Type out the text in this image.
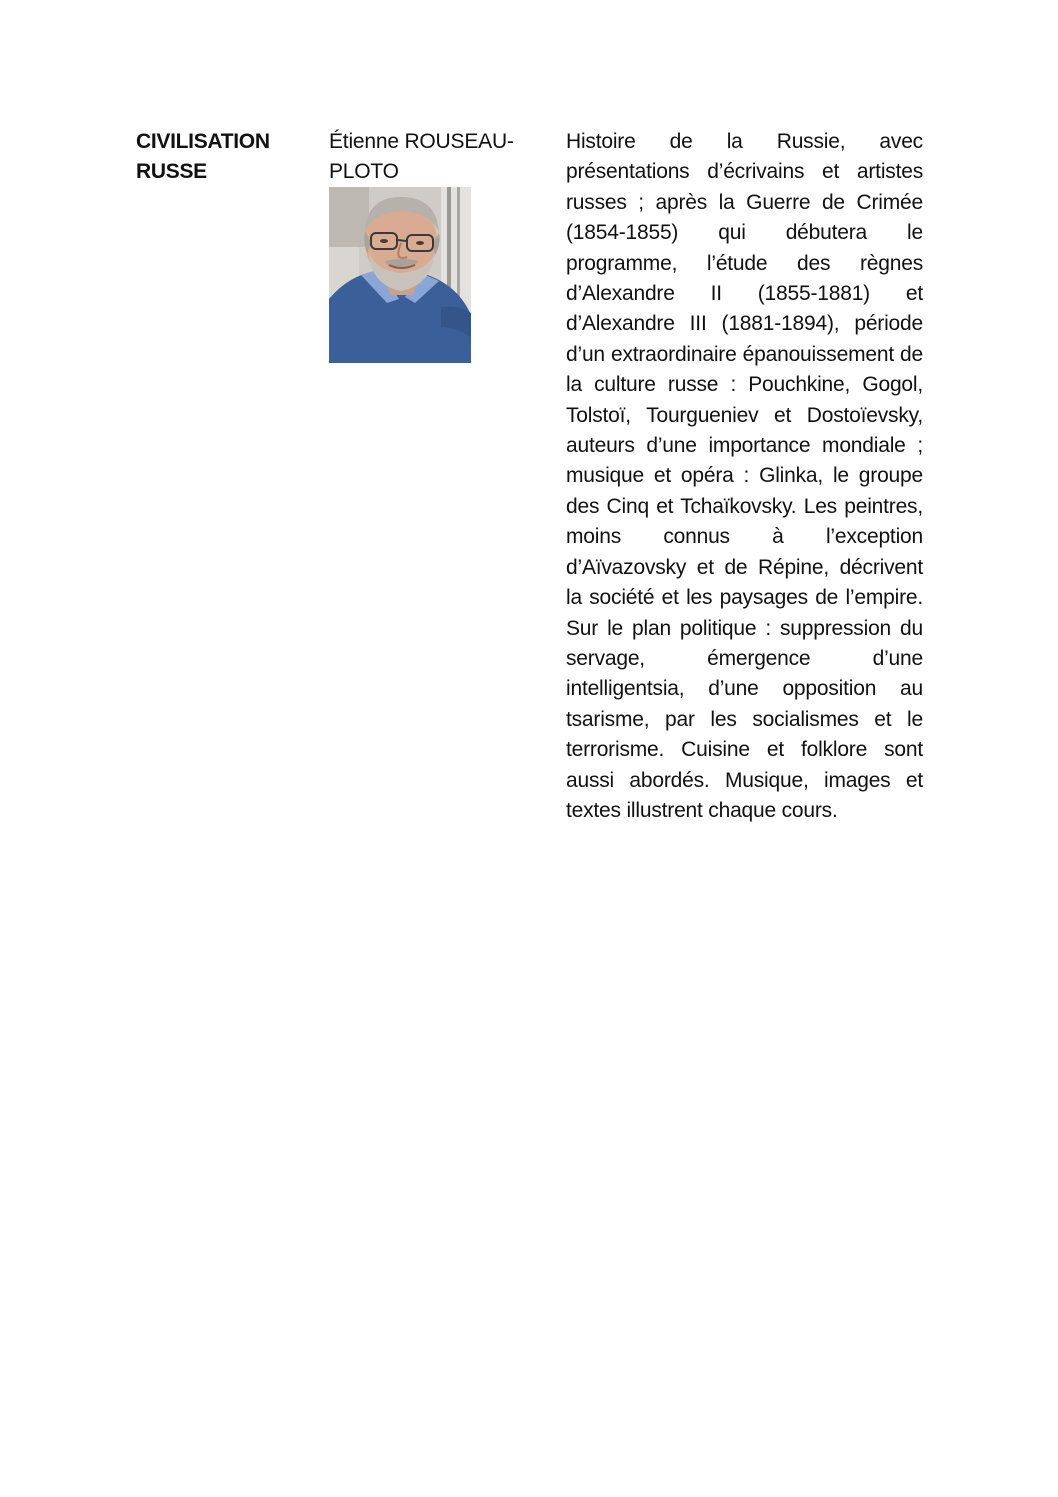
CIVILISATION
RUSSE
Étienne ROUSEAU-
PLOTO
Histoire de la Russie, avec présentations d’écrivains et artistes russes ; après la Guerre de Crimée (1854-1855) qui débutera le programme, l’étude des règnes d’Alexandre II (1855-1881) et d’Alexandre III (1881-1894), période d’un extraordinaire épanouissement de la culture russe : Pouchkine, Gogol, Tolstoï, Tourgueniev et Dostoïevsky, auteurs d’une importance mondiale ; musique et opéra : Glinka, le groupe des Cinq et Tchaïkovsky. Les peintres, moins connus à l’exception d’Aïvazovsky et de Répine, décrivent la société et les paysages de l’empire. Sur le plan politique : suppression du servage, émergence d’une intelligentsia, d’une opposition au tsarisme, par les socialismes et le terrorisme. Cuisine et folklore sont aussi abordés. Musique, images et textes illustrent chaque cours.
